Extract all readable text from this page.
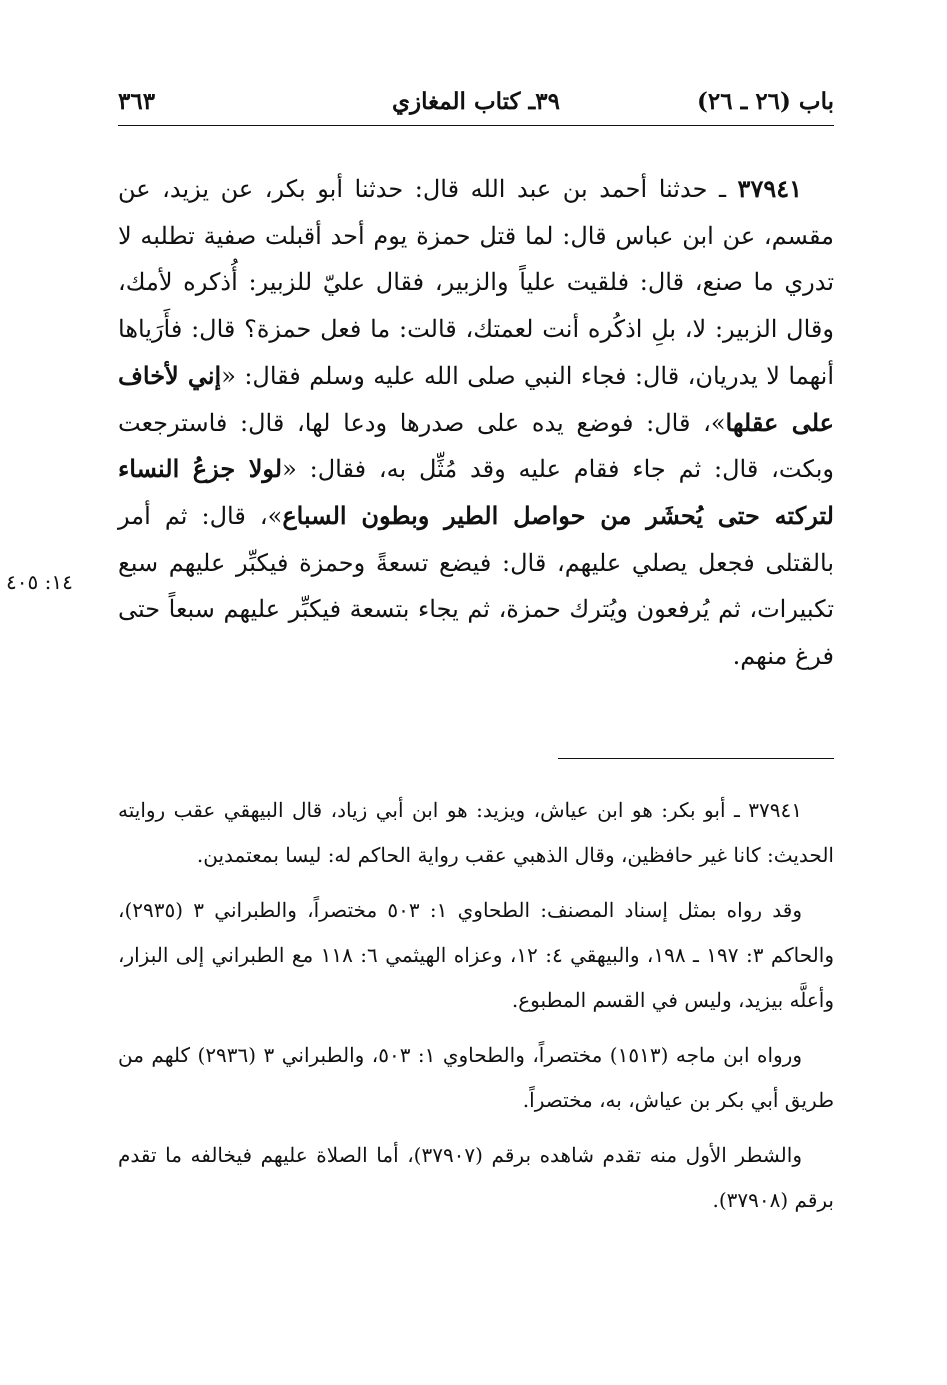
باب (٢٦ ـ ٢٦)
٣٩ـ كتاب المغازي
٣٦٣

٣٧٩٤١ ـ حدثنا أحمد بن عبد الله قال: حدثنا أبو بكر، عن يزيد، عن مقسم، عن ابن عباس قال: لما قتل حمزة يوم أحد أقبلت صفية تطلبه لا تدري ما صنع، قال: فلقيت علياً والزبير، فقال عليّ للزبير: أُذكره لأمك، وقال الزبير: لا، بلِ اذكُره أنت لعمتك، قالت: ما فعل حمزة؟ قال: فأَرَياها أنهما لا يدريان، قال: فجاء النبي صلى الله عليه وسلم فقال: «إني لأخاف على عقلها»، قال: فوضع يده على صدرها ودعا لها، قال: فاسترجعت وبكت، قال: ثم جاء فقام عليه وقد مُثِّل به، فقال: «لولا جزعُ النساء لتركته حتى يُحشَر من حواصل الطير وبطون السباع»، قال: ثم أمر بالقتلى فجعل يصلي عليهم، قال: فيضع تسعةً وحمزة فيكبِّر عليهم سبع تكبيرات، ثم يُرفعون ويُترك حمزة، ثم يجاء بتسعة فيكبِّر عليهم سبعاً حتى فرغ منهم.

١٤: ٤٠٥

٣٧٩٤١ ـ أبو بكر: هو ابن عياش، ويزيد: هو ابن أبي زياد، قال البيهقي عقب روايته الحديث: كانا غير حافظين، وقال الذهبي عقب رواية الحاكم له: ليسا بمعتمدين.

وقد رواه بمثل إسناد المصنف: الطحاوي ١: ٥٠٣ مختصراً، والطبراني ٣ (٢٩٣٥)، والحاكم ٣: ١٩٧ ـ ١٩٨، والبيهقي ٤: ١٢، وعزاه الهيثمي ٦: ١١٨ مع الطبراني إلى البزار، وأعلَّه بيزيد، وليس في القسم المطبوع.

ورواه ابن ماجه (١٥١٣) مختصراً، والطحاوي ١: ٥٠٣، والطبراني ٣ (٢٩٣٦) كلهم من طريق أبي بكر بن عياش، به، مختصراً.

والشطر الأول منه تقدم شاهده برقم (٣٧٩٠٧)، أما الصلاة عليهم فيخالفه ما تقدم برقم (٣٧٩٠٨).
